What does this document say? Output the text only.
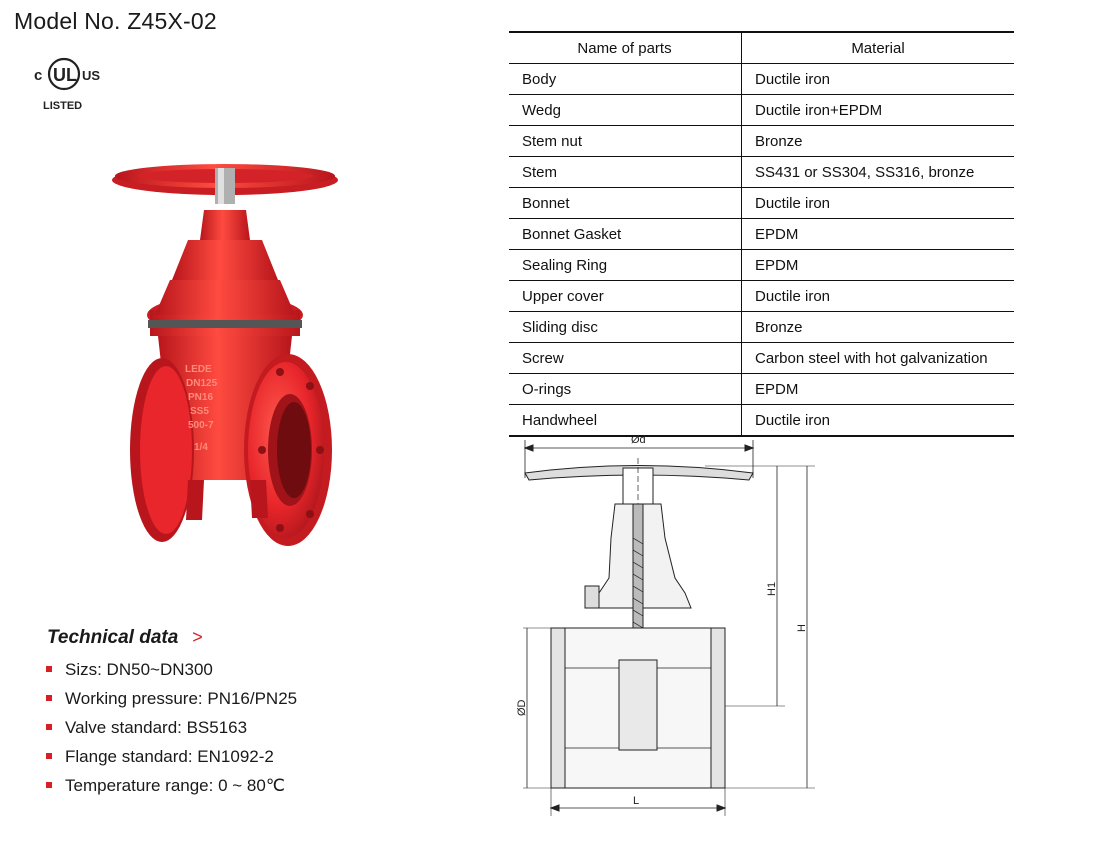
Model No. Z45X-02
c UL US
LISTED
LEDE
DN125
PN16
SS5
500-7
1/4
Technical data >
Sizs: DN50~DN300
Working pressure: PN16/PN25
Valve standard: BS5163
Flange standard: EN1092-2
Temperature range: 0 ~ 80℃
Name of parts	Material
Body	Ductile iron
Wedg	Ductile iron+EPDM
Stem nut	Bronze
Stem	SS431 or SS304, SS316, bronze
Bonnet	Ductile iron
Bonnet Gasket	EPDM
Sealing Ring	EPDM
Upper cover	Ductile iron
Sliding disc	Bronze
Screw	Carbon steel with hot galvanization
O-rings	EPDM
Handwheel	Ductile iron
Ød
H1
H
ØD
L
